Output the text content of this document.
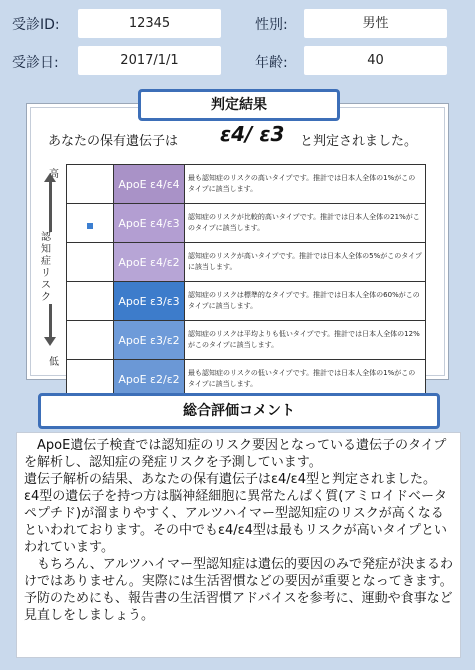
受診ID:	12345	性別:	男性
受診日:	2017/1/1	年齢:	40
判定結果
あなたの保有遺伝子は ε4/ ε3 と判定されました。
高
認知症リスク
低
	ApoE ε4/ε4	最も認知症のリスクの高いタイプです。推計では日本人全体の1%がこのタイプに該当します。
	ApoE ε4/ε3	認知症のリスクが比較的高いタイプです。推計では日本人全体の21%がこのタイプに該当します。
	ApoE ε4/ε2	認知症のリスクが高いタイプです。推計では日本人全体の5%がこのタイプに該当します。
	ApoE ε3/ε3	認知症のリスクは標準的なタイプです。推計では日本人全体の60%がこのタイプに該当します。
	ApoE ε3/ε2	認知症のリスクは平均よりも低いタイプです。推計では日本人全体の12%がこのタイプに該当します。
	ApoE ε2/ε2	最も認知症のリスクの低いタイプです。推計では日本人全体の1%がこのタイプに該当します。
総合評価コメント
　ApoE遺伝子検査では認知症のリスク要因となっている遺伝子のタイプを解析し、認知症の発症リスクを予測しています。
遺伝子解析の結果、あなたの保有遺伝子はε4/ε4型と判定されました。
ε4型の遺伝子を持つ方は脳神経細胞に異常たんぱく質(アミロイドベータペプチド)が溜まりやすく、アルツハイマー型認知症のリスクが高くなるといわれております。その中でもε4/ε4型は最もリスクが高いタイプといわれています。
　もちろん、アルツハイマー型認知症は遺伝的要因のみで発症が決まるわけではありません。実際には生活習慣などの要因が重要となってきます。
予防のためにも、報告書の生活習慣アドバイスを参考に、運動や食事など見直しをしましょう。
